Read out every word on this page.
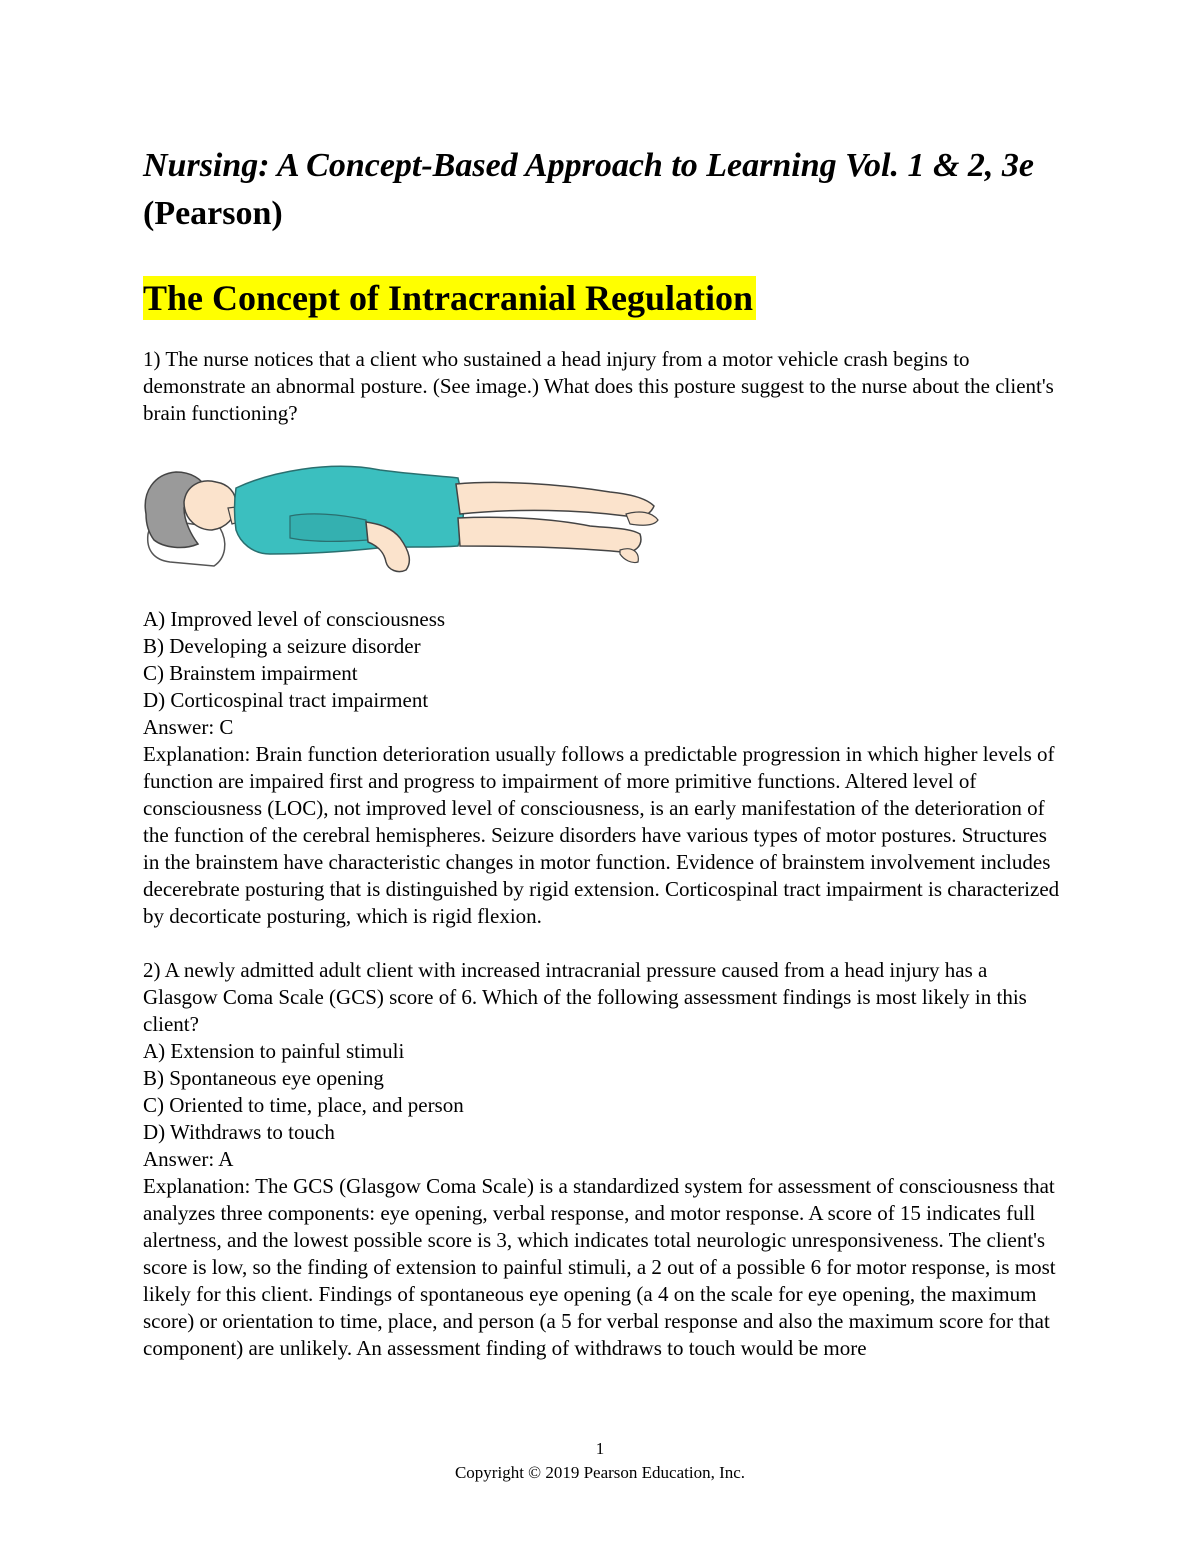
Nursing: A Concept-Based Approach to Learning Vol. 1 & 2, 3e (Pearson)
The Concept of Intracranial Regulation

1) The nurse notices that a client who sustained a head injury from a motor vehicle crash begins to demonstrate an abnormal posture. (See image.) What does this posture suggest to the nurse about the client's brain functioning?

A) Improved level of consciousness

B) Developing a seizure disorder

C) Brainstem impairment

D) Corticospinal tract impairment

Answer: C

Explanation: Brain function deterioration usually follows a predictable progression in which higher levels of function are impaired first and progress to impairment of more primitive functions. Altered level of consciousness (LOC), not improved level of consciousness, is an early manifestation of the deterioration of the function of the cerebral hemispheres. Seizure disorders have various types of motor postures. Structures in the brainstem have characteristic changes in motor function. Evidence of brainstem involvement includes decerebrate posturing that is distinguished by rigid extension. Corticospinal tract impairment is characterized by decorticate posturing, which is rigid flexion.

2) A newly admitted adult client with increased intracranial pressure caused from a head injury has a Glasgow Coma Scale (GCS) score of 6. Which of the following assessment findings is most likely in this client?

A) Extension to painful stimuli

B) Spontaneous eye opening

C) Oriented to time, place, and person

D) Withdraws to touch

Answer: A

Explanation: The GCS (Glasgow Coma Scale) is a standardized system for assessment of consciousness that analyzes three components: eye opening, verbal response, and motor response. A score of 15 indicates full alertness, and the lowest possible score is 3, which indicates total neurologic unresponsiveness. The client's score is low, so the finding of extension to painful stimuli, a 2 out of a possible 6 for motor response, is most likely for this client. Findings of spontaneous eye opening (a 4 on the scale for eye opening, the maximum score) or orientation to time, place, and person (a 5 for verbal response and also the maximum score for that component) are unlikely. An assessment finding of withdraws to touch would be more

1
Copyright © 2019 Pearson Education, Inc.
